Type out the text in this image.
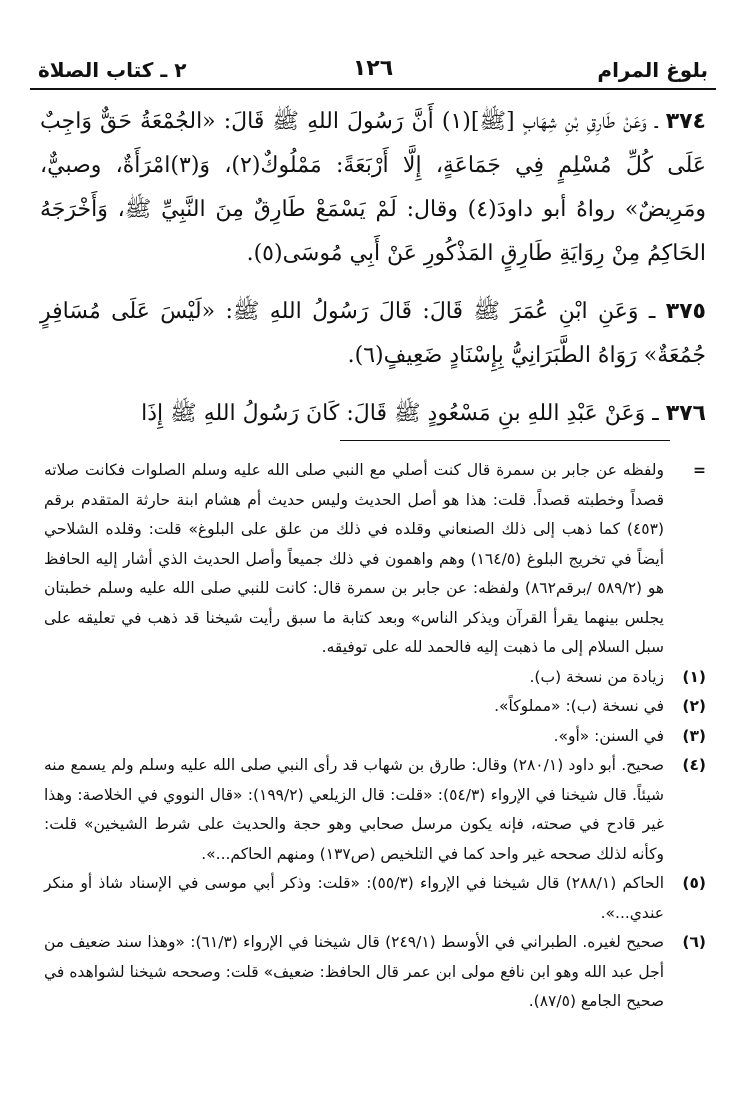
بلوغ المرام
١٢٦
٢ ـ كتاب الصلاة

٣٧٤ ـ وَعَنْ طَارِقِ بْنِ شِهَابٍ [ﷺ](١) أَنَّ رَسُولَ اللهِ ﷺ قَالَ: «الجُمْعَةُ حَقٌّ وَاجِبٌ عَلَى كُلِّ مُسْلِمٍ فِي جَمَاعَةٍ، إِلَّا أَرْبَعَةً: مَمْلُوكٌ(٢)، وَ(٣)امْرَأَةٌ، وصبيٌّ، ومَرِيضٌ» رواهُ أبو داودَ(٤) وقال: لَمْ يَسْمَعْ طَارِقٌ مِنَ النَّبِيِّ ﷺ، وَأَخْرَجَهُ الحَاكِمُ مِنْ رِوَايَةِ طَارِقٍ المَذْكُورِ عَنْ أَبِي مُوسَى(٥).

٣٧٥ ـ وَعَنِ ابْنِ عُمَرَ ﷺ قَالَ: قَالَ رَسُولُ اللهِ ﷺ: «لَيْسَ عَلَى مُسَافِرٍ جُمُعَةٌ» رَوَاهُ الطَّبَرَانِيُّ بِإِسْنَادٍ ضَعِيفٍ(٦).

٣٧٦ ـ وَعَنْ عَبْدِ اللهِ بنِ مَسْعُودٍ ﷺ قَالَ: كَانَ رَسُولُ اللهِ ﷺ إِذَا

=
ولفظه عن جابر بن سمرة قال كنت أصلي مع النبي صلى الله عليه وسلم الصلوات فكانت صلاته قصداً وخطبته قصداً. قلت: هذا هو أصل الحديث وليس حديث أم هشام ابنة حارثة المتقدم برقم (٤٥٣) كما ذهب إلى ذلك الصنعاني وقلده في ذلك من علق على البلوغ» قلت: وقلده الشلاحي أيضاً في تخريج البلوغ (١٦٤/٥) وهم واهمون في ذلك جميعاً وأصل الحديث الذي أشار إليه الحافظ هو (٥٨٩/٢ /برقم٨٦٢) ولفظه: عن جابر بن سمرة قال: كانت للنبي صلى الله عليه وسلم خطبتان يجلس بينهما يقرأ القرآن ويذكر الناس» وبعد كتابة ما سبق رأيت شيخنا قد ذهب في تعليقه على سبل السلام إلى ما ذهبت إليه فالحمد لله على توفيقه.

(١)
زيادة من نسخة (ب).

(٢)
في نسخة (ب): «مملوكاً».

(٣)
في السنن: «أو».

(٤)
صحيح. أبو داود (٢٨٠/١) وقال: طارق بن شهاب قد رأى النبي صلى الله عليه وسلم ولم يسمع منه شيئاً. قال شيخنا في الإرواء (٥٤/٣): «قلت: قال الزيلعي (١٩٩/٢): «قال النووي في الخلاصة: وهذا غير قادح في صحته، فإنه يكون مرسل صحابي وهو حجة والحديث على شرط الشيخين» قلت: وكأنه لذلك صححه غير واحد كما في التلخيص (ص١٣٧) ومنهم الحاكم...».

(٥)
الحاكم (٢٨٨/١) قال شيخنا في الإرواء (٥٥/٣): «قلت: وذكر أبي موسى في الإسناد شاذ أو منكر عندي...».

(٦)
صحيح لغيره. الطبراني في الأوسط (٢٤٩/١) قال شيخنا في الإرواء (٦١/٣): «وهذا سند ضعيف من أجل عبد الله وهو ابن نافع مولى ابن عمر قال الحافظ: ضعيف» قلت: وصححه شيخنا لشواهده في صحيح الجامع (٨٧/٥).
